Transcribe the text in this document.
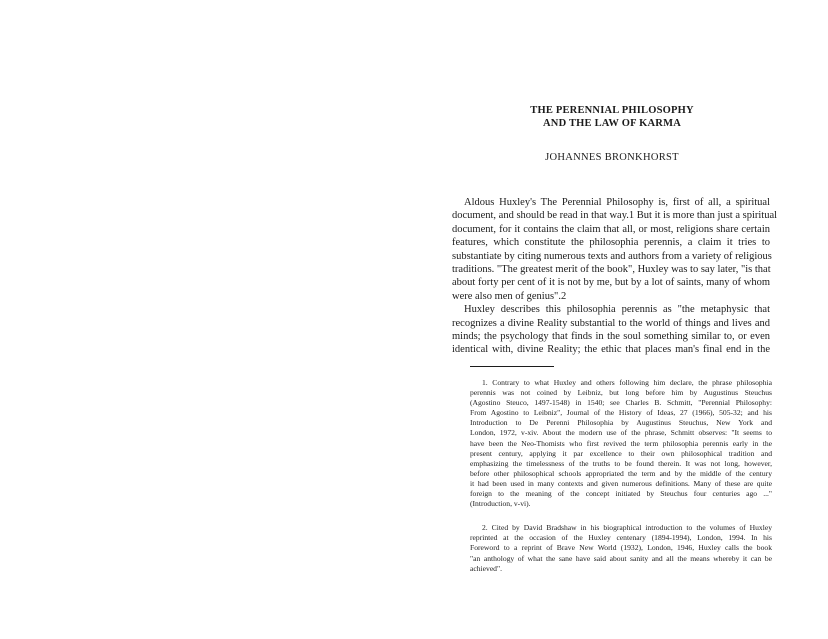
THE PERENNIAL PHILOSOPHY
AND THE LAW OF KARMA
JOHANNES BRONKHORST
Aldous Huxley's The Perennial Philosophy is, first of all, a spiritual
document, and should be read in that way.1 But it is more than just a spiritual
document, for it contains the claim that all, or most, religions share certain
features, which constitute the philosophia perennis, a claim it tries to
substantiate by citing numerous texts and authors from a variety of religious
traditions. "The greatest merit of the book", Huxley was to say later, "is that
about forty per cent of it is not by me, but by a lot of saints, many of whom
were also men of genius".2
Huxley describes this philosophia perennis as "the metaphysic that
recognizes a divine Reality substantial to the world of things and lives and
minds; the psychology that finds in the soul something similar to, or even
identical with, divine Reality; the ethic that places man's final end in the
1. Contrary to what Huxley and others following him declare, the phrase philosophia
perennis was not coined by Leibniz, but long before him by Augustinus Steuchus
(Agostino Steuco, 1497-1548) in 1540; see Charles B. Schmitt, "Perennial Philosophy:
From Agostino to Leibniz", Journal of the History of Ideas, 27 (1966), 505-32; and his
Introduction to De Perenni Philosophia by Augustinus Steuchus, New York and
London, 1972, v-xiv. About the modern use of the phrase, Schmitt observes: "It seems to
have been the Neo-Thomists who first revived the term philosophia perennis early in the
present century, applying it par excellence to their own philosophical tradition and
emphasizing the timelessness of the truths to be found therein. It was not long, however,
before other philosophical schools appropriated the term and by the middle of the century
it had been used in many contexts and given numerous definitions. Many of these are quite
foreign to the meaning of the concept initiated by Steuchus four centuries ago ..."
(Introduction, v-vi).
2. Cited by David Bradshaw in his biographical introduction to the volumes of Huxley
reprinted at the occasion of the Huxley centenary (1894-1994), London, 1994. In his
Foreword to a reprint of Brave New World (1932), London, 1946, Huxley calls the book
"an anthology of what the sane have said about sanity and all the means whereby it can be
achieved".
